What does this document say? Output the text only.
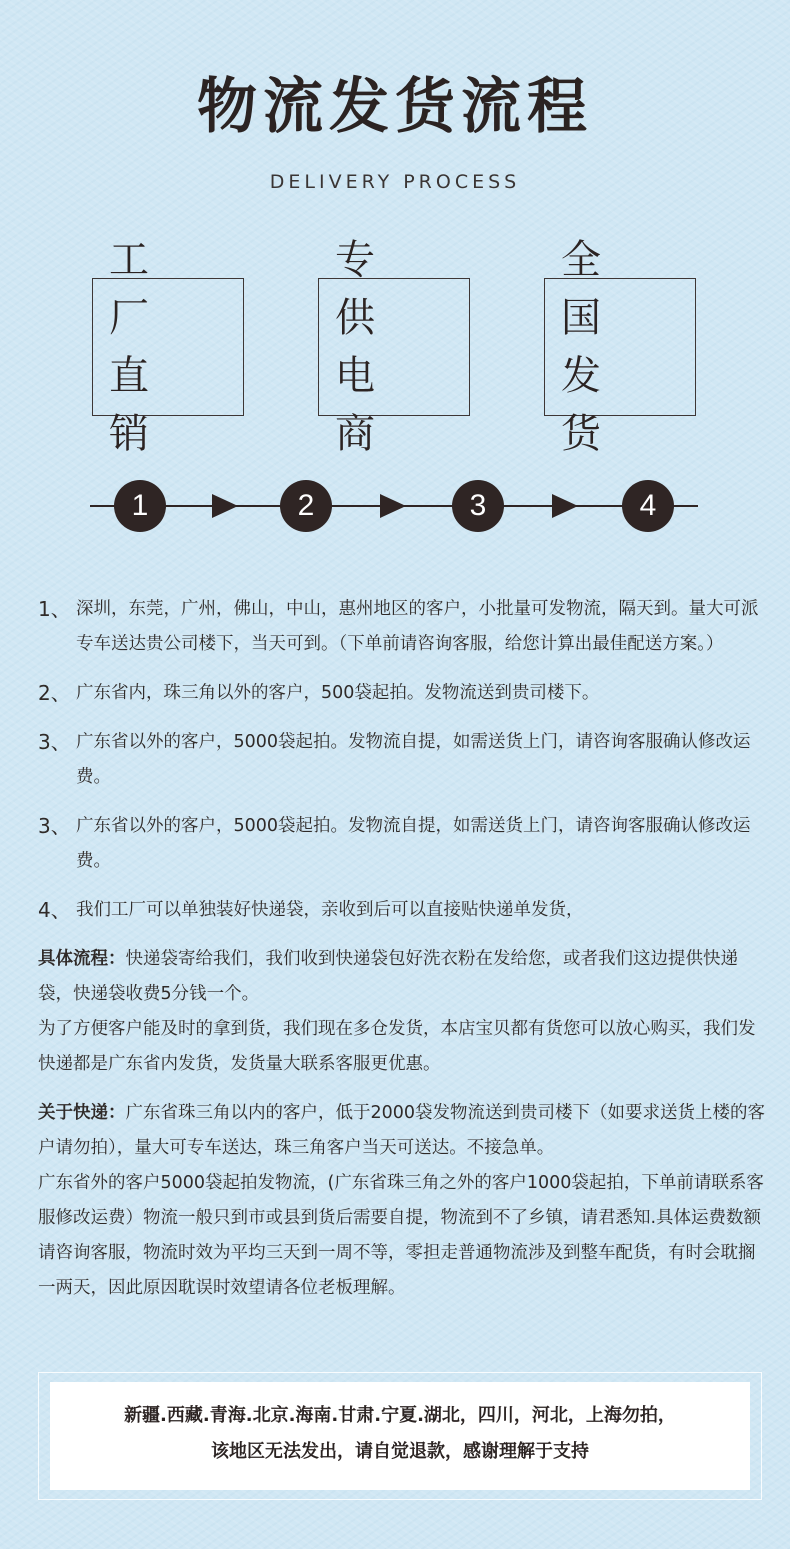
物流发货流程
DELIVERY PROCESS
工 厂
直 销
专 供
电 商
全 国
发 货
1	2	3	4
1、 深圳，东莞，广州，佛山，中山，惠州地区的客户，小批量可发物流，隔天到。量大可派专车送达贵公司楼下，当天可到。（下单前请咨询客服，给您计算出最佳配送方案。）
2、 广东省内，珠三角以外的客户，500袋起拍。发物流送到贵司楼下。
3、 广东省以外的客户，5000袋起拍。发物流自提，如需送货上门，请咨询客服确认修改运费。
3、 广东省以外的客户，5000袋起拍。发物流自提，如需送货上门，请咨询客服确认修改运费。
4、 我们工厂可以单独装好快递袋，亲收到后可以直接贴快递单发货，
具体流程：快递袋寄给我们，我们收到快递袋包好洗衣粉在发给您，或者我们这边提供快递袋，快递袋收费5分钱一个。
为了方便客户能及时的拿到货，我们现在多仓发货，本店宝贝都有货您可以放心购买，我们发快递都是广东省内发货，发货量大联系客服更优惠。
关于快递：广东省珠三角以内的客户，低于2000袋发物流送到贵司楼下（如要求送货上楼的客户请勿拍），量大可专车送达，珠三角客户当天可送达。不接急单。
广东省外的客户5000袋起拍发物流，(广东省珠三角之外的客户1000袋起拍，下单前请联系客服修改运费）物流一般只到市或县到货后需要自提，物流到不了乡镇，请君悉知.具体运费数额请咨询客服，物流时效为平均三天到一周不等，零担走普通物流涉及到整车配货，有时会耽搁一两天，因此原因耽误时效望请各位老板理解。
新疆.西藏.青海.北京.海南.甘肃.宁夏.湖北，四川，河北，上海勿拍，
该地区无法发出，请自觉退款，感谢理解于支持
